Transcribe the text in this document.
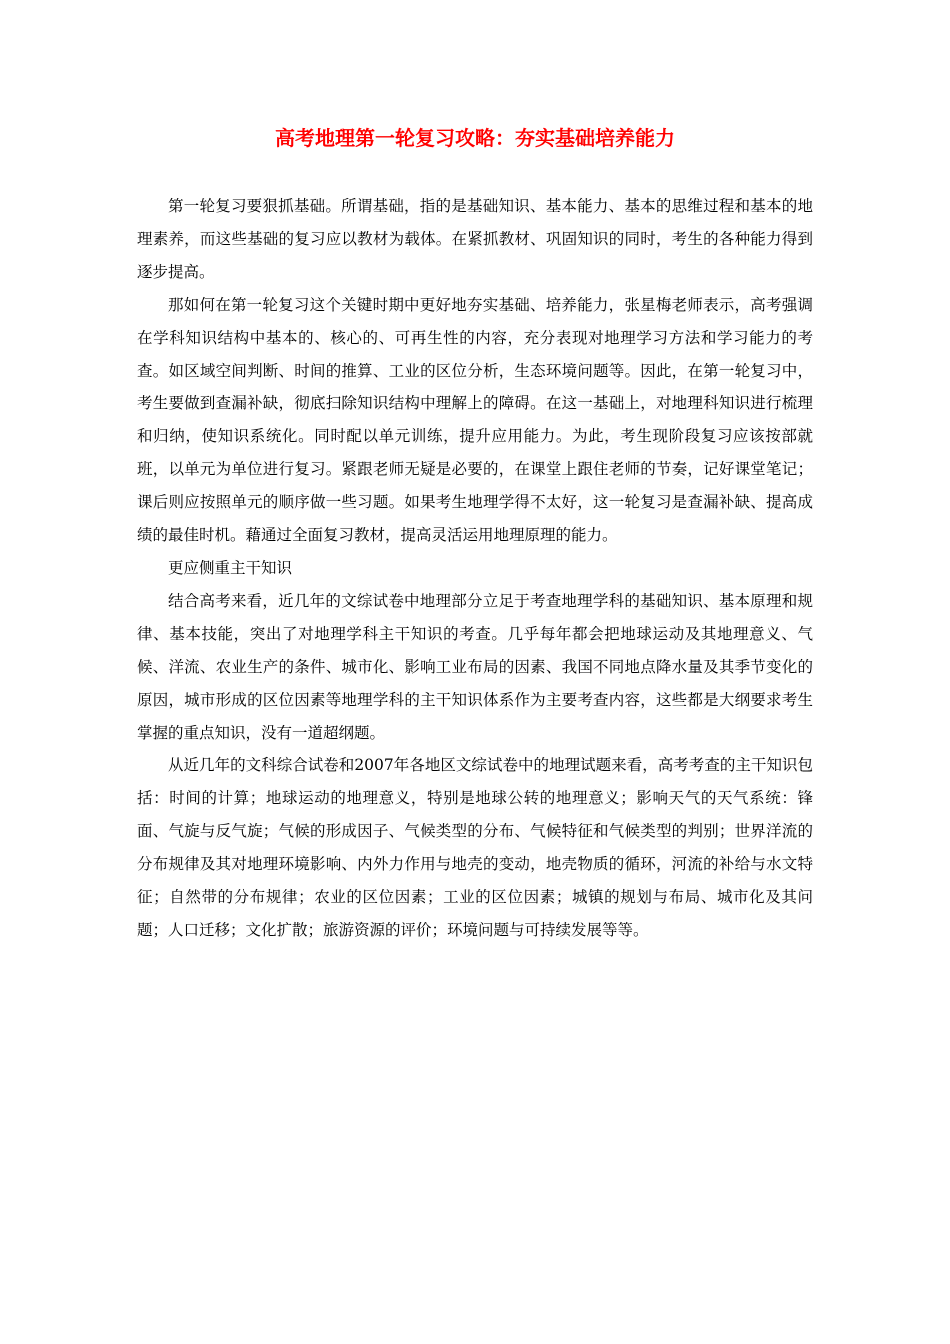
高考地理第一轮复习攻略：夯实基础培养能力

第一轮复习要狠抓基础。所谓基础，指的是基础知识、基本能力、基本的思维过程和基本的地理素养，而这些基础的复习应以教材为载体。在紧抓教材、巩固知识的同时，考生的各种能力得到逐步提高。

那如何在第一轮复习这个关键时期中更好地夯实基础、培养能力，张星梅老师表示，高考强调在学科知识结构中基本的、核心的、可再生性的内容，充分表现对地理学习方法和学习能力的考查。如区域空间判断、时间的推算、工业的区位分析，生态环境问题等。因此，在第一轮复习中，考生要做到查漏补缺，彻底扫除知识结构中理解上的障碍。在这一基础上，对地理科知识进行梳理和归纳，使知识系统化。同时配以单元训练，提升应用能力。为此，考生现阶段复习应该按部就班，以单元为单位进行复习。紧跟老师无疑是必要的，在课堂上跟住老师的节奏，记好课堂笔记；课后则应按照单元的顺序做一些习题。如果考生地理学得不太好，这一轮复习是查漏补缺、提高成绩的最佳时机。藉通过全面复习教材，提高灵活运用地理原理的能力。

更应侧重主干知识

结合高考来看，近几年的文综试卷中地理部分立足于考查地理学科的基础知识、基本原理和规律、基本技能，突出了对地理学科主干知识的考查。几乎每年都会把地球运动及其地理意义、气候、洋流、农业生产的条件、城市化、影响工业布局的因素、我国不同地点降水量及其季节变化的原因，城市形成的区位因素等地理学科的主干知识体系作为主要考查内容，这些都是大纲要求考生掌握的重点知识，没有一道超纲题。

从近几年的文科综合试卷和2007年各地区文综试卷中的地理试题来看，高考考查的主干知识包括：时间的计算；地球运动的地理意义，特别是地球公转的地理意义；影响天气的天气系统：锋面、气旋与反气旋；气候的形成因子、气候类型的分布、气候特征和气候类型的判别；世界洋流的分布规律及其对地理环境影响、内外力作用与地壳的变动，地壳物质的循环，河流的补给与水文特征；自然带的分布规律；农业的区位因素；工业的区位因素；城镇的规划与布局、城市化及其问题；人口迁移；文化扩散；旅游资源的评价；环境问题与可持续发展等等。
